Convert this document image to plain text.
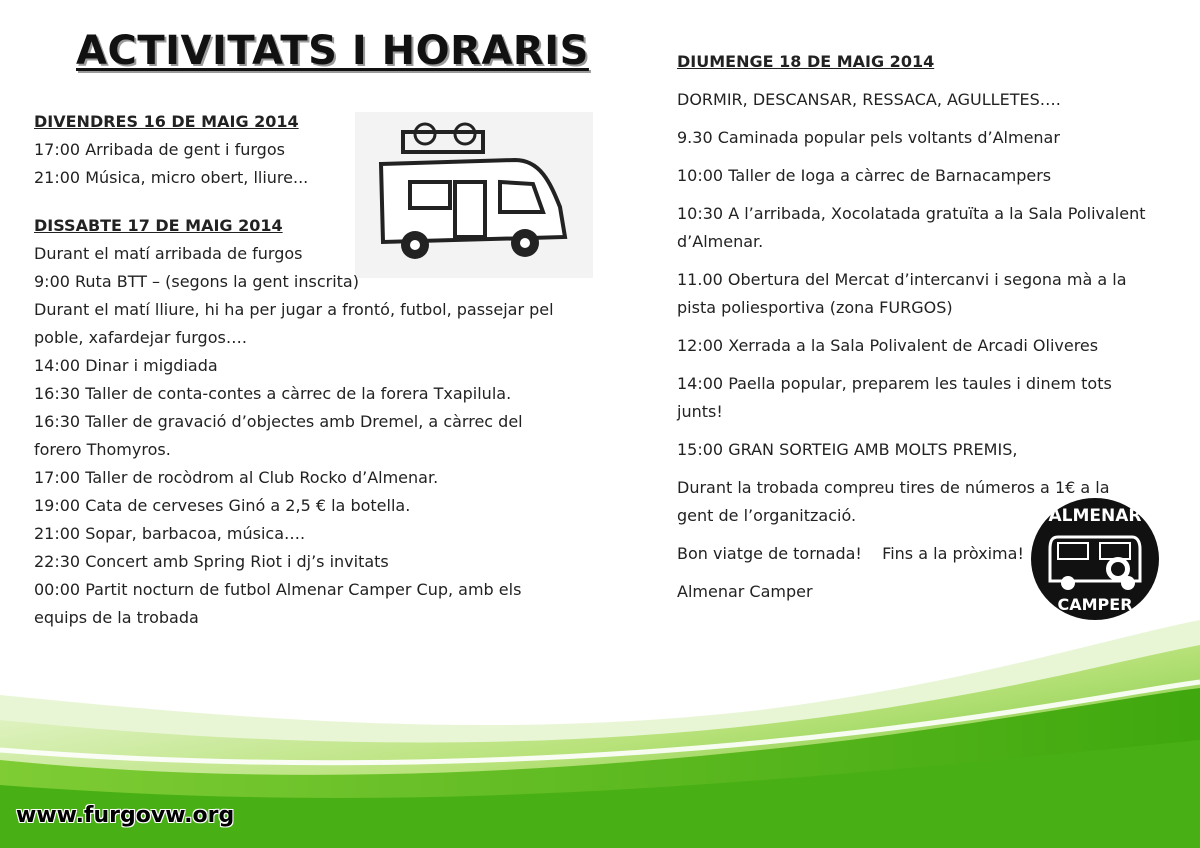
ACTIVITATS I HORARIS

DIVENDRES 16 DE MAIG 2014

17:00 Arribada de gent i furgos

21:00 Música, micro obert, lliure...

DISSABTE 17 DE MAIG 2014

Durant el matí arribada de furgos

9:00 Ruta BTT – (segons la gent inscrita)

Durant el matí lliure, hi ha per jugar a frontó, futbol, passejar pel

poble, xafardejar furgos….

14:00 Dinar i migdiada

16:30 Taller de conta-contes a càrrec de la forera Txapilula.

16:30 Taller de gravació d’objectes amb Dremel, a càrrec del

forero Thomyros.

17:00 Taller de rocòdrom al Club Rocko d’Almenar.

19:00 Cata de cerveses Ginó a 2,5 € la botella.

21:00 Sopar, barbacoa, música….

22:30 Concert amb Spring Riot i dj’s invitats

00:00 Partit nocturn de futbol Almenar Camper Cup, amb els

equips de la trobada

DIUMENGE 18 DE MAIG 2014

DORMIR, DESCANSAR, RESSACA, AGULLETES….

9.30 Caminada popular pels voltants d’Almenar

10:00 Taller de Ioga a càrrec de Barnacampers

10:30 A l’arribada, Xocolatada gratuïta a la Sala Polivalent

d’Almenar.

11.00 Obertura del Mercat d’intercanvi i segona mà a la

pista poliesportiva (zona FURGOS)

12:00 Xerrada a la Sala Polivalent de Arcadi Oliveres

14:00 Paella popular, preparem les taules i dinem tots

junts!

15:00 GRAN SORTEIG AMB MOLTS PREMIS,

Durant la trobada compreu tires de números a 1€ a la

gent de l’organització.

Bon viatge de tornada!    Fins a la pròxima!

Almenar Camper

ALMENAR
CAMPER
www.furgovw.org
